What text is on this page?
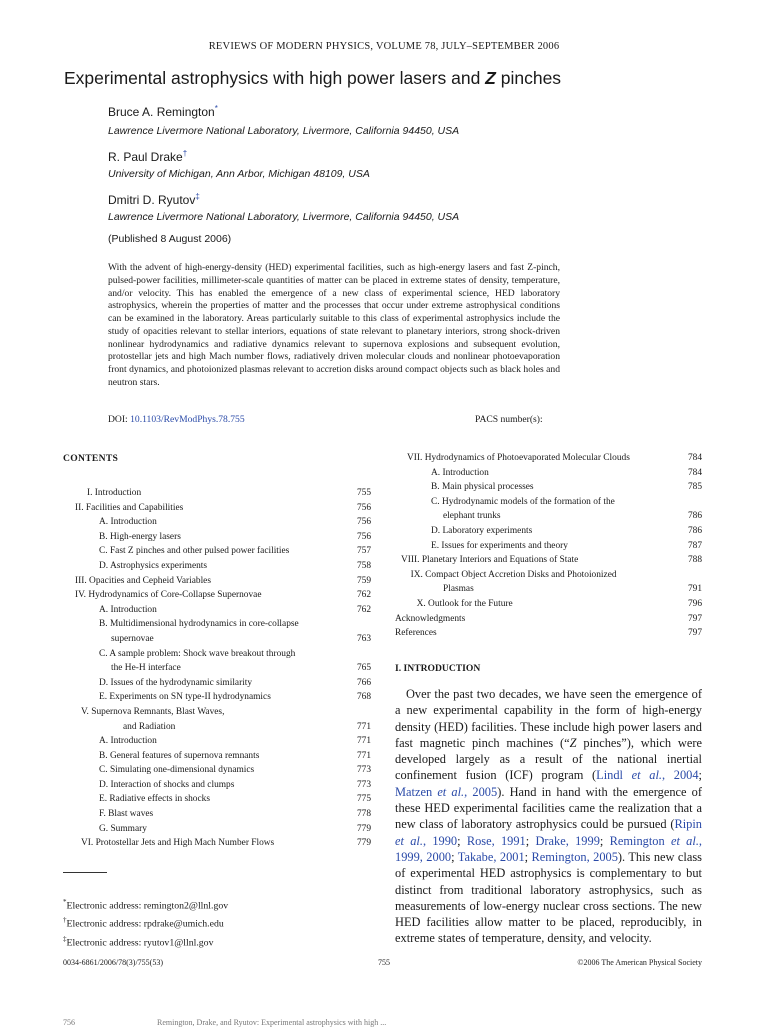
REVIEWS OF MODERN PHYSICS, VOLUME 78, JULY–SEPTEMBER 2006
Experimental astrophysics with high power lasers and Z pinches
Bruce A. Remington*
Lawrence Livermore National Laboratory, Livermore, California 94450, USA
R. Paul Drake†
University of Michigan, Ann Arbor, Michigan 48109, USA
Dmitri D. Ryutov‡
Lawrence Livermore National Laboratory, Livermore, California 94450, USA
(Published 8 August 2006)
With the advent of high-energy-density (HED) experimental facilities, such as high-energy lasers and fast Z-pinch, pulsed-power facilities, millimeter-scale quantities of matter can be placed in extreme states of density, temperature, and/or velocity. This has enabled the emergence of a new class of experimental science, HED laboratory astrophysics, wherein the properties of matter and the processes that occur under extreme astrophysical conditions can be examined in the laboratory. Areas particularly suitable to this class of experimental astrophysics include the study of opacities relevant to stellar interiors, equations of state relevant to planetary interiors, strong shock-driven nonlinear hydrodynamics and radiative dynamics relevant to supernova explosions and subsequent evolution, protostellar jets and high Mach number flows, radiatively driven molecular clouds and nonlinear photoevaporation front dynamics, and photoionized plasmas relevant to accretion disks around compact objects such as black holes and neutron stars.
DOI: 10.1103/RevModPhys.78.755	PACS number(s):
CONTENTS
I. Introduction	755
II. Facilities and Capabilities	756
A. Introduction	756
B. High-energy lasers	756
C. Fast Z pinches and other pulsed power facilities	757
D. Astrophysics experiments	758
III. Opacities and Cepheid Variables	759
IV. Hydrodynamics of Core-Collapse Supernovae	762
A. Introduction	762
B. Multidimensional hydrodynamics in core-collapse
supernovae	763
C. A sample problem: Shock wave breakout through
the He-H interface	765
D. Issues of the hydrodynamic similarity	766
E. Experiments on SN type-II hydrodynamics	768
V. Supernova Remnants, Blast Waves,
and Radiation	771
A. Introduction	771
B. General features of supernova remnants	771
C. Simulating one-dimensional dynamics	773
D. Interaction of shocks and clumps	773
E. Radiative effects in shocks	775
F. Blast waves	778
G. Summary	779
VI. Protostellar Jets and High Mach Number Flows	779
VII. Hydrodynamics of Photoevaporated Molecular Clouds	784
A. Introduction	784
B. Main physical processes	785
C. Hydrodynamic models of the formation of the
elephant trunks	786
D. Laboratory experiments	786
E. Issues for experiments and theory	787
VIII. Planetary Interiors and Equations of State	788
IX. Compact Object Accretion Disks and Photoionized
Plasmas	791
X. Outlook for the Future	796
Acknowledgments	797
References	797
*Electronic address: remington2@llnl.gov
†Electronic address: rpdrake@umich.edu
‡Electronic address: ryutov1@llnl.gov
I. INTRODUCTION
Over the past two decades, we have seen the emergence of a new experimental capability in the form of high-energy density (HED) facilities. These include high power lasers and fast magnetic pinch machines (“Z pinches”), which were developed largely as a result of the national inertial confinement fusion (ICF) program (Lindl et al., 2004; Matzen et al., 2005). Hand in hand with the emergence of these HED experimental facilities came the realization that a new class of laboratory astrophysics could be pursued (Ripin et al., 1990; Rose, 1991; Drake, 1999; Remington et al., 1999, 2000; Takabe, 2001; Remington, 2005). This new class of experimental HED astrophysics is complementary to but distinct from traditional laboratory astrophysics, such as measurements of low-energy nuclear cross sections. The new HED facilities allow matter to be placed, reproducibly, in extreme states of temperature, density, and velocity.
0034-6861/2006/78(3)/755(53)	755	©2006 The American Physical Society
756                                         Remington, Drake, and Ryutov: Experimental astrophysics with high ...
